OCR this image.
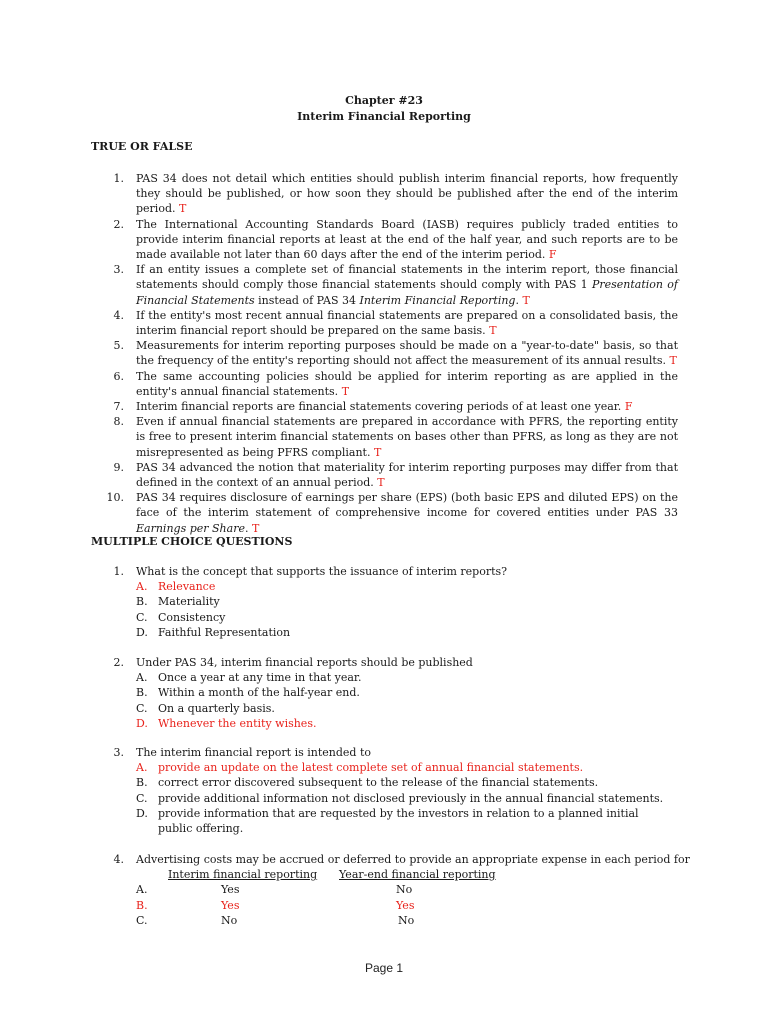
Chapter #23
Interim Financial Reporting
TRUE OR FALSE
1.	PAS 34 does not detail which entities should publish interim financial reports, how frequently they should be published, or how soon they should be published after the end of the interim period. T
2.	The International Accounting Standards Board (IASB) requires publicly traded entities to provide interim financial reports at least at the end of the half year, and such reports are to be made available not later than 60 days after the end of the interim period. F
3.	If an entity issues a complete set of financial statements in the interim report, those financial statements should comply those financial statements should comply with PAS 1 Presentation of Financial Statements instead of PAS 34 Interim Financial Reporting. T
4.	If the entity's most recent annual financial statements are prepared on a consolidated basis, the interim financial report should be prepared on the same basis. T
5.	Measurements for interim reporting purposes should be made on a "year-to-date" basis, so that the frequency of the entity's reporting should not affect the measurement of its annual results. T
6.	The same accounting policies should be applied for interim reporting as are applied in the entity's annual financial statements. T
7.	Interim financial reports are financial statements covering periods of at least one year. F
8.	Even if annual financial statements are prepared in accordance with PFRS, the reporting entity is free to present interim financial statements on bases other than PFRS, as long as they are not misrepresented as being PFRS compliant. T
9.	PAS 34 advanced the notion that materiality for interim reporting purposes may differ from that defined in the context of an annual period. T
10.	PAS 34 requires disclosure of earnings per share (EPS) (both basic EPS and diluted EPS) on the face of the interim statement of comprehensive income for covered entities under PAS 33 Earnings per Share. T
MULTIPLE CHOICE QUESTIONS
1.	What is the concept that supports the issuance of interim reports?
A. Relevance
B. Materiality
C. Consistency
D. Faithful Representation
2.	Under PAS 34, interim financial reports should be published
A. Once a year at any time in that year.
B. Within a month of the half-year end.
C. On a quarterly basis.
D. Whenever the entity wishes.
3.	The interim financial report is intended to
A. provide an update on the latest complete set of annual financial statements.
B. correct error discovered subsequent to the release of the financial statements.
C. provide additional information not disclosed previously in the annual financial statements.
D. provide information that are requested by the investors in relation to a planned initial public offering.
4.	Advertising costs may be accrued or deferred to provide an appropriate expense in each period for
Interim financial reporting	Year-end financial reporting
A.	Yes	No
B.	Yes	Yes
C.	No	No
Page 1
